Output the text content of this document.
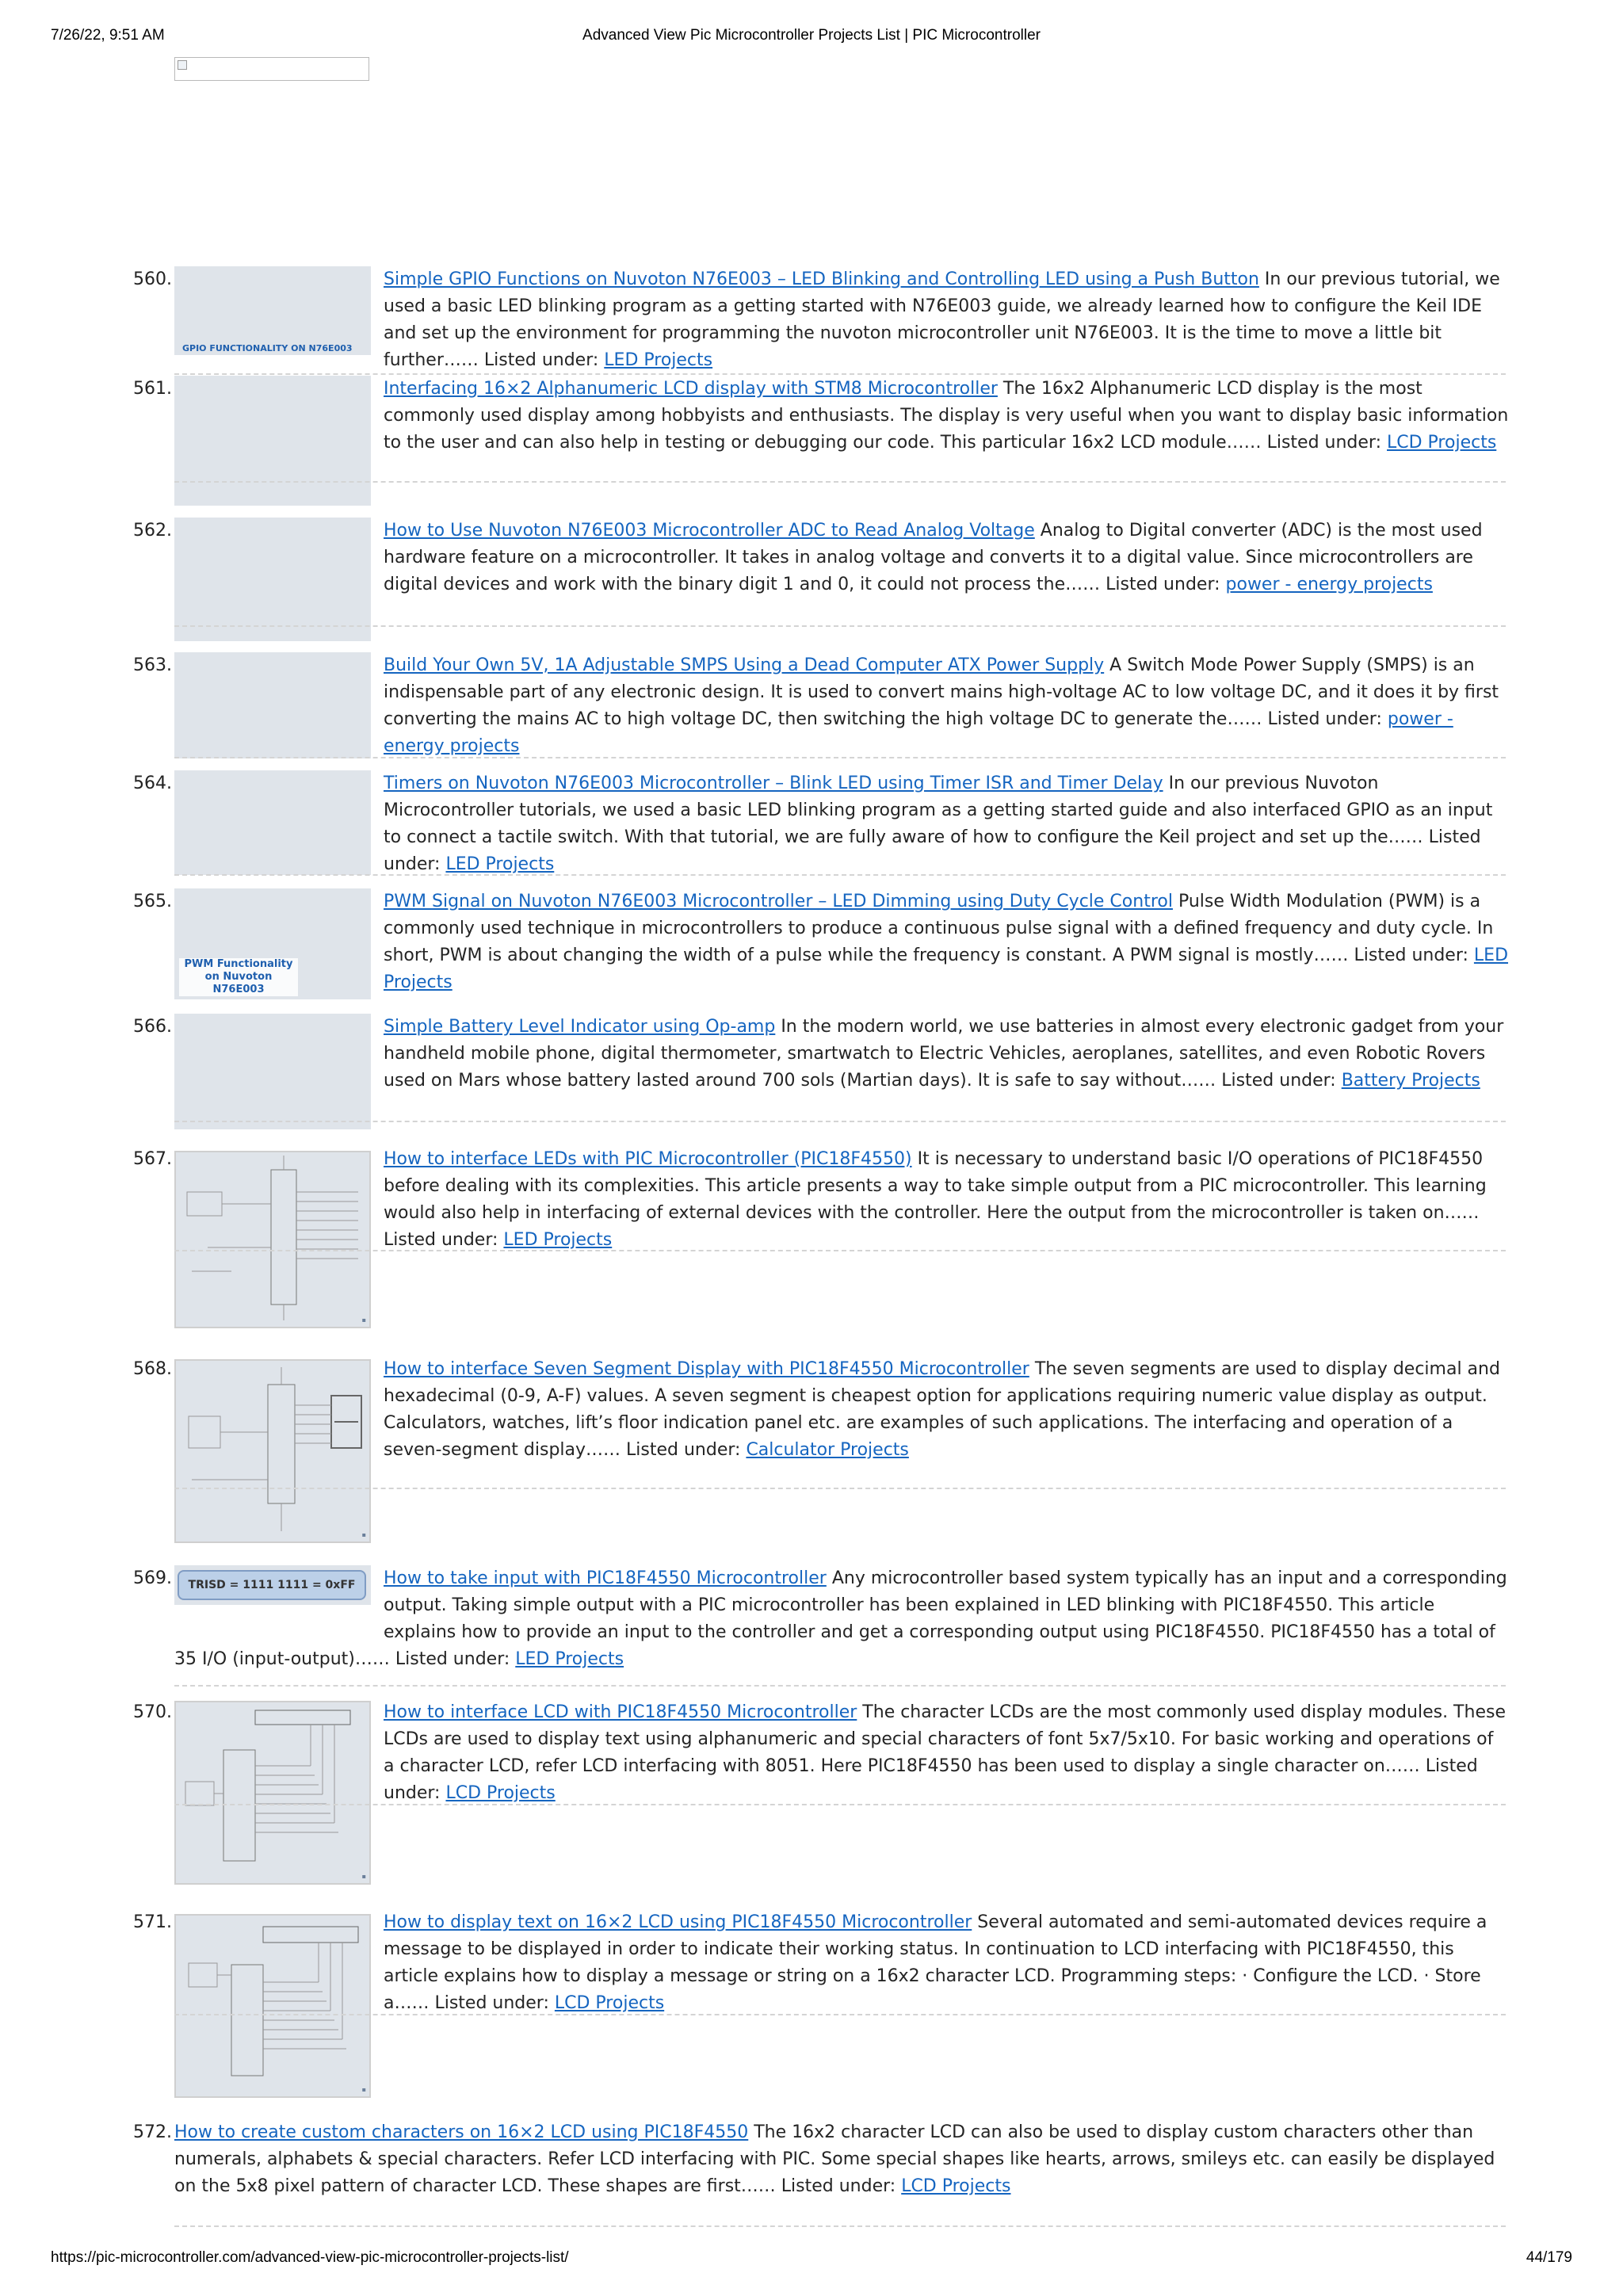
7/26/22, 9:51 AM	Advanced View Pic Microcontroller Projects List | PIC Microcontroller
560.
GPIO FUNCTIONALITY ON N76E003
Simple GPIO Functions on Nuvoton N76E003 – LED Blinking and Controlling LED using a Push Button In our previous tutorial, we used a basic LED blinking program as a getting started with N76E003 guide, we already learned how to configure the Keil IDE and set up the environment for programming the nuvoton microcontroller unit N76E003. It is the time to move a little bit further…… Listed under: LED Projects
561.	Interfacing 16×2 Alphanumeric LCD display with STM8 Microcontroller The 16x2 Alphanumeric LCD display is the most commonly used display among hobbyists and enthusiasts. The display is very useful when you want to display basic information to the user and can also help in testing or debugging our code. This particular 16x2 LCD module…… Listed under: LCD Projects
562.	How to Use Nuvoton N76E003 Microcontroller ADC to Read Analog Voltage Analog to Digital converter (ADC) is the most used hardware feature on a microcontroller. It takes in analog voltage and converts it to a digital value. Since microcontrollers are digital devices and work with the binary digit 1 and 0, it could not process the…… Listed under: power - energy projects
563.	Build Your Own 5V, 1A Adjustable SMPS Using a Dead Computer ATX Power Supply A Switch Mode Power Supply (SMPS) is an indispensable part of any electronic design. It is used to convert mains high-voltage AC to low voltage DC, and it does it by first converting the mains AC to high voltage DC, then switching the high voltage DC to generate the…… Listed under: power - energy projects
564.	Timers on Nuvoton N76E003 Microcontroller – Blink LED using Timer ISR and Timer Delay In our previous Nuvoton Microcontroller tutorials, we used a basic LED blinking program as a getting started guide and also interfaced GPIO as an input to connect a tactile switch. With that tutorial, we are fully aware of how to configure the Keil project and set up the…… Listed under: LED Projects
565.
PWM Functionality on Nuvoton N76E003
PWM Signal on Nuvoton N76E003 Microcontroller – LED Dimming using Duty Cycle Control Pulse Width Modulation (PWM) is a commonly used technique in microcontrollers to produce a continuous pulse signal with a defined frequency and duty cycle. In short, PWM is about changing the width of a pulse while the frequency is constant. A PWM signal is mostly…… Listed under: LED Projects
566.	Simple Battery Level Indicator using Op-amp In the modern world, we use batteries in almost every electronic gadget from your handheld mobile phone, digital thermometer, smartwatch to Electric Vehicles, aeroplanes, satellites, and even Robotic Rovers used on Mars whose battery lasted around 700 sols (Martian days). It is safe to say without…… Listed under: Battery Projects
567.
▪
How to interface LEDs with PIC Microcontroller (PIC18F4550) It is necessary to understand basic I/O operations of PIC18F4550 before dealing with its complexities. This article presents a way to take simple output from a PIC microcontroller. This learning would also help in interfacing of external devices with the controller. Here the output from the microcontroller is taken on…… Listed under: LED Projects
568.
▪
How to interface Seven Segment Display with PIC18F4550 Microcontroller The seven segments are used to display decimal and hexadecimal (0-9, A-F) values. A seven segment is cheapest option for applications requiring numeric value display as output. Calculators, watches, lift’s floor indication panel etc. are examples of such applications. The interfacing and operation of a seven-segment display…… Listed under: Calculator Projects
569.	TRISD = 1111 1111 = 0xFF	How to take input with PIC18F4550 Microcontroller Any microcontroller based system typically has an input and a corresponding output. Taking simple output with a PIC microcontroller has been explained in LED blinking with PIC18F4550. This article explains how to provide an input to the controller and get a corresponding output using PIC18F4550. PIC18F4550 has a total of 35 I/O (input-output)…… Listed under: LED Projects
570.
▪
How to interface LCD with PIC18F4550 Microcontroller The character LCDs are the most commonly used display modules. These LCDs are used to display text using alphanumeric and special characters of font 5x7/5x10. For basic working and operations of a character LCD, refer LCD interfacing with 8051. Here PIC18F4550 has been used to display a single character on…… Listed under: LCD Projects
571.
▪
How to display text on 16×2 LCD using PIC18F4550 Microcontroller Several automated and semi-automated devices require a message to be displayed in order to indicate their working status. In continuation to LCD interfacing with PIC18F4550, this article explains how to display a message or string on a 16x2 character LCD. Programming steps: · Configure the LCD. · Store a…… Listed under: LCD Projects
572. How to create custom characters on 16×2 LCD using PIC18F4550 The 16x2 character LCD can also be used to display custom characters other than numerals, alphabets & special characters. Refer LCD interfacing with PIC. Some special shapes like hearts, arrows, smileys etc. can easily be displayed on the 5x8 pixel pattern of character LCD. These shapes are first…… Listed under: LCD Projects
https://pic-microcontroller.com/advanced-view-pic-microcontroller-projects-list/	44/179
